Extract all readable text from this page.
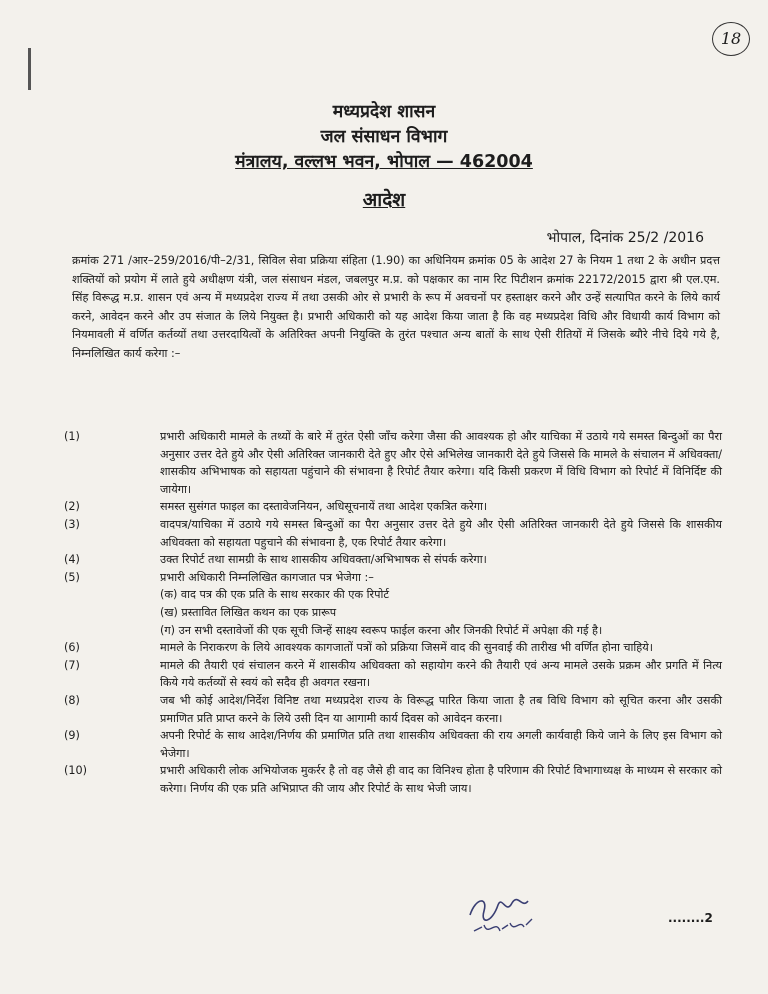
18
मध्यप्रदेश शासन
जल संसाधन विभाग
मंत्रालय, वल्लभ भवन, भोपाल — 462004
आदेश
भोपाल, दिनांक 25/2 /2016
क्रमांक 271 /आर–259/2016/पी–2/31, सिविल सेवा प्रक्रिया संहिता (1.90) का अधिनियम क्रमांक 05 के आदेश 27 के नियम 1 तथा 2 के अधीन प्रदत्त शक्तियों को प्रयोग में लाते हुये अधीक्षण यंत्री, जल संसाधन मंडल, जबलपुर म.प्र. को पक्षकार का नाम रिट पिटीशन क्रमांक 22172/2015 द्वारा श्री एल.एम. सिंह विरूद्ध म.प्र. शासन एवं अन्य में मध्यप्रदेश राज्य में तथा उसकी ओर से प्रभारी के रूप में अवचनों पर हस्ताक्षर करने और उन्हें सत्यापित करने के लिये कार्य करने, आवेदन करने और उप संजात के लिये नियुक्त है। प्रभारी अधिकारी को यह आदेश किया जाता है कि वह मध्यप्रदेश विधि और विधायी कार्य विभाग को नियमावली में वर्णित कर्तव्यों तथा उत्तरदायित्वों के अतिरिक्त अपनी नियुक्ति के तुरंत पश्चात अन्य बातों के साथ ऐसी रीतियों में जिसके ब्यौरे नीचे दिये गये है, निम्नलिखित कार्य करेगा :–
(1)	प्रभारी अधिकारी मामले के तथ्यों के बारे में तुरंत ऐसी जाँच करेगा जैसा की आवश्यक हो और याचिका में उठाये गये समस्त बिन्दुओं का पैरा अनुसार उत्तर देते हुये और ऐसी अतिरिक्त जानकारी देते हुए और ऐसे अभिलेख जानकारी देते हुये जिससे कि मामले के संचालन में अधिवक्ता/शासकीय अभिभाषक को सहायता पहुंचाने की संभावना है रिपोर्ट तैयार करेगा। यदि किसी प्रकरण में विधि विभाग को रिपोर्ट में विनिर्दिष्ट की जायेगा।
(2)	समस्त सुसंगत फाइल का दस्तावेजनियन, अधिसूचनायें तथा आदेश एकत्रित करेगा।
(3)	वादपत्र/याचिका में उठाये गये समस्त बिन्दुओं का पैरा अनुसार उत्तर देते हुये और ऐसी अतिरिक्त जानकारी देते हुये जिससे कि शासकीय अधिवक्ता को सहायता पहुचाने की संभावना है, एक रिपोर्ट तैयार करेगा।
(4)	उक्त रिपोर्ट तथा सामग्री के साथ शासकीय अधिवक्ता/अभिभाषक से संपर्क करेगा।
(5)	प्रभारी अधिकारी निम्नलिखित कागजात पत्र भेजेगा :–
(क) वाद पत्र की एक प्रति के साथ सरकार की एक रिपोर्ट
(ख) प्रस्तावित लिखित कथन का एक प्रारूप
(ग) उन सभी दस्तावेजों की एक सूची जिन्हें साक्ष्य स्वरूप फाईल करना और जिनकी रिपोर्ट में अपेक्षा की गई है।
(6)	मामले के निराकरण के लिये आवश्यक कागजातों पत्रों को प्रक्रिया जिसमें वाद की सुनवाई की तारीख भी वर्णित होना चाहिये।
(7)	मामले की तैयारी एवं संचालन करने में शासकीय अधिवक्ता को सहायोग करने की तैयारी एवं अन्य मामले उसके प्रक्रम और प्रगति में नित्य किये गये कर्तव्यों से स्वयं को सदैव ही अवगत रखना।
(8)	जब भी कोई आदेश/निर्देश विनिष्ट तथा मध्यप्रदेश राज्य के विरूद्ध पारित किया जाता है तब विधि विभाग को सूचित करना और उसकी प्रमाणित प्रति प्राप्त करने के लिये उसी दिन या आगामी कार्य दिवस को आवेदन करना।
(9)	अपनी रिपोर्ट के साथ आदेश/निर्णय की प्रमाणित प्रति तथा शासकीय अधिवक्ता की राय अगली कार्यवाही किये जाने के लिए इस विभाग को भेजेगा।
(10)	प्रभारी अधिकारी लोक अभियोजक मुकर्रर है तो वह जैसे ही वाद का विनिश्च होता है परिणाम की रिपोर्ट विभागाध्यक्ष के माध्यम से सरकार को करेगा। निर्णय की एक प्रति अभिप्राप्त की जाय और रिपोर्ट के साथ भेजी जाय।
........2
